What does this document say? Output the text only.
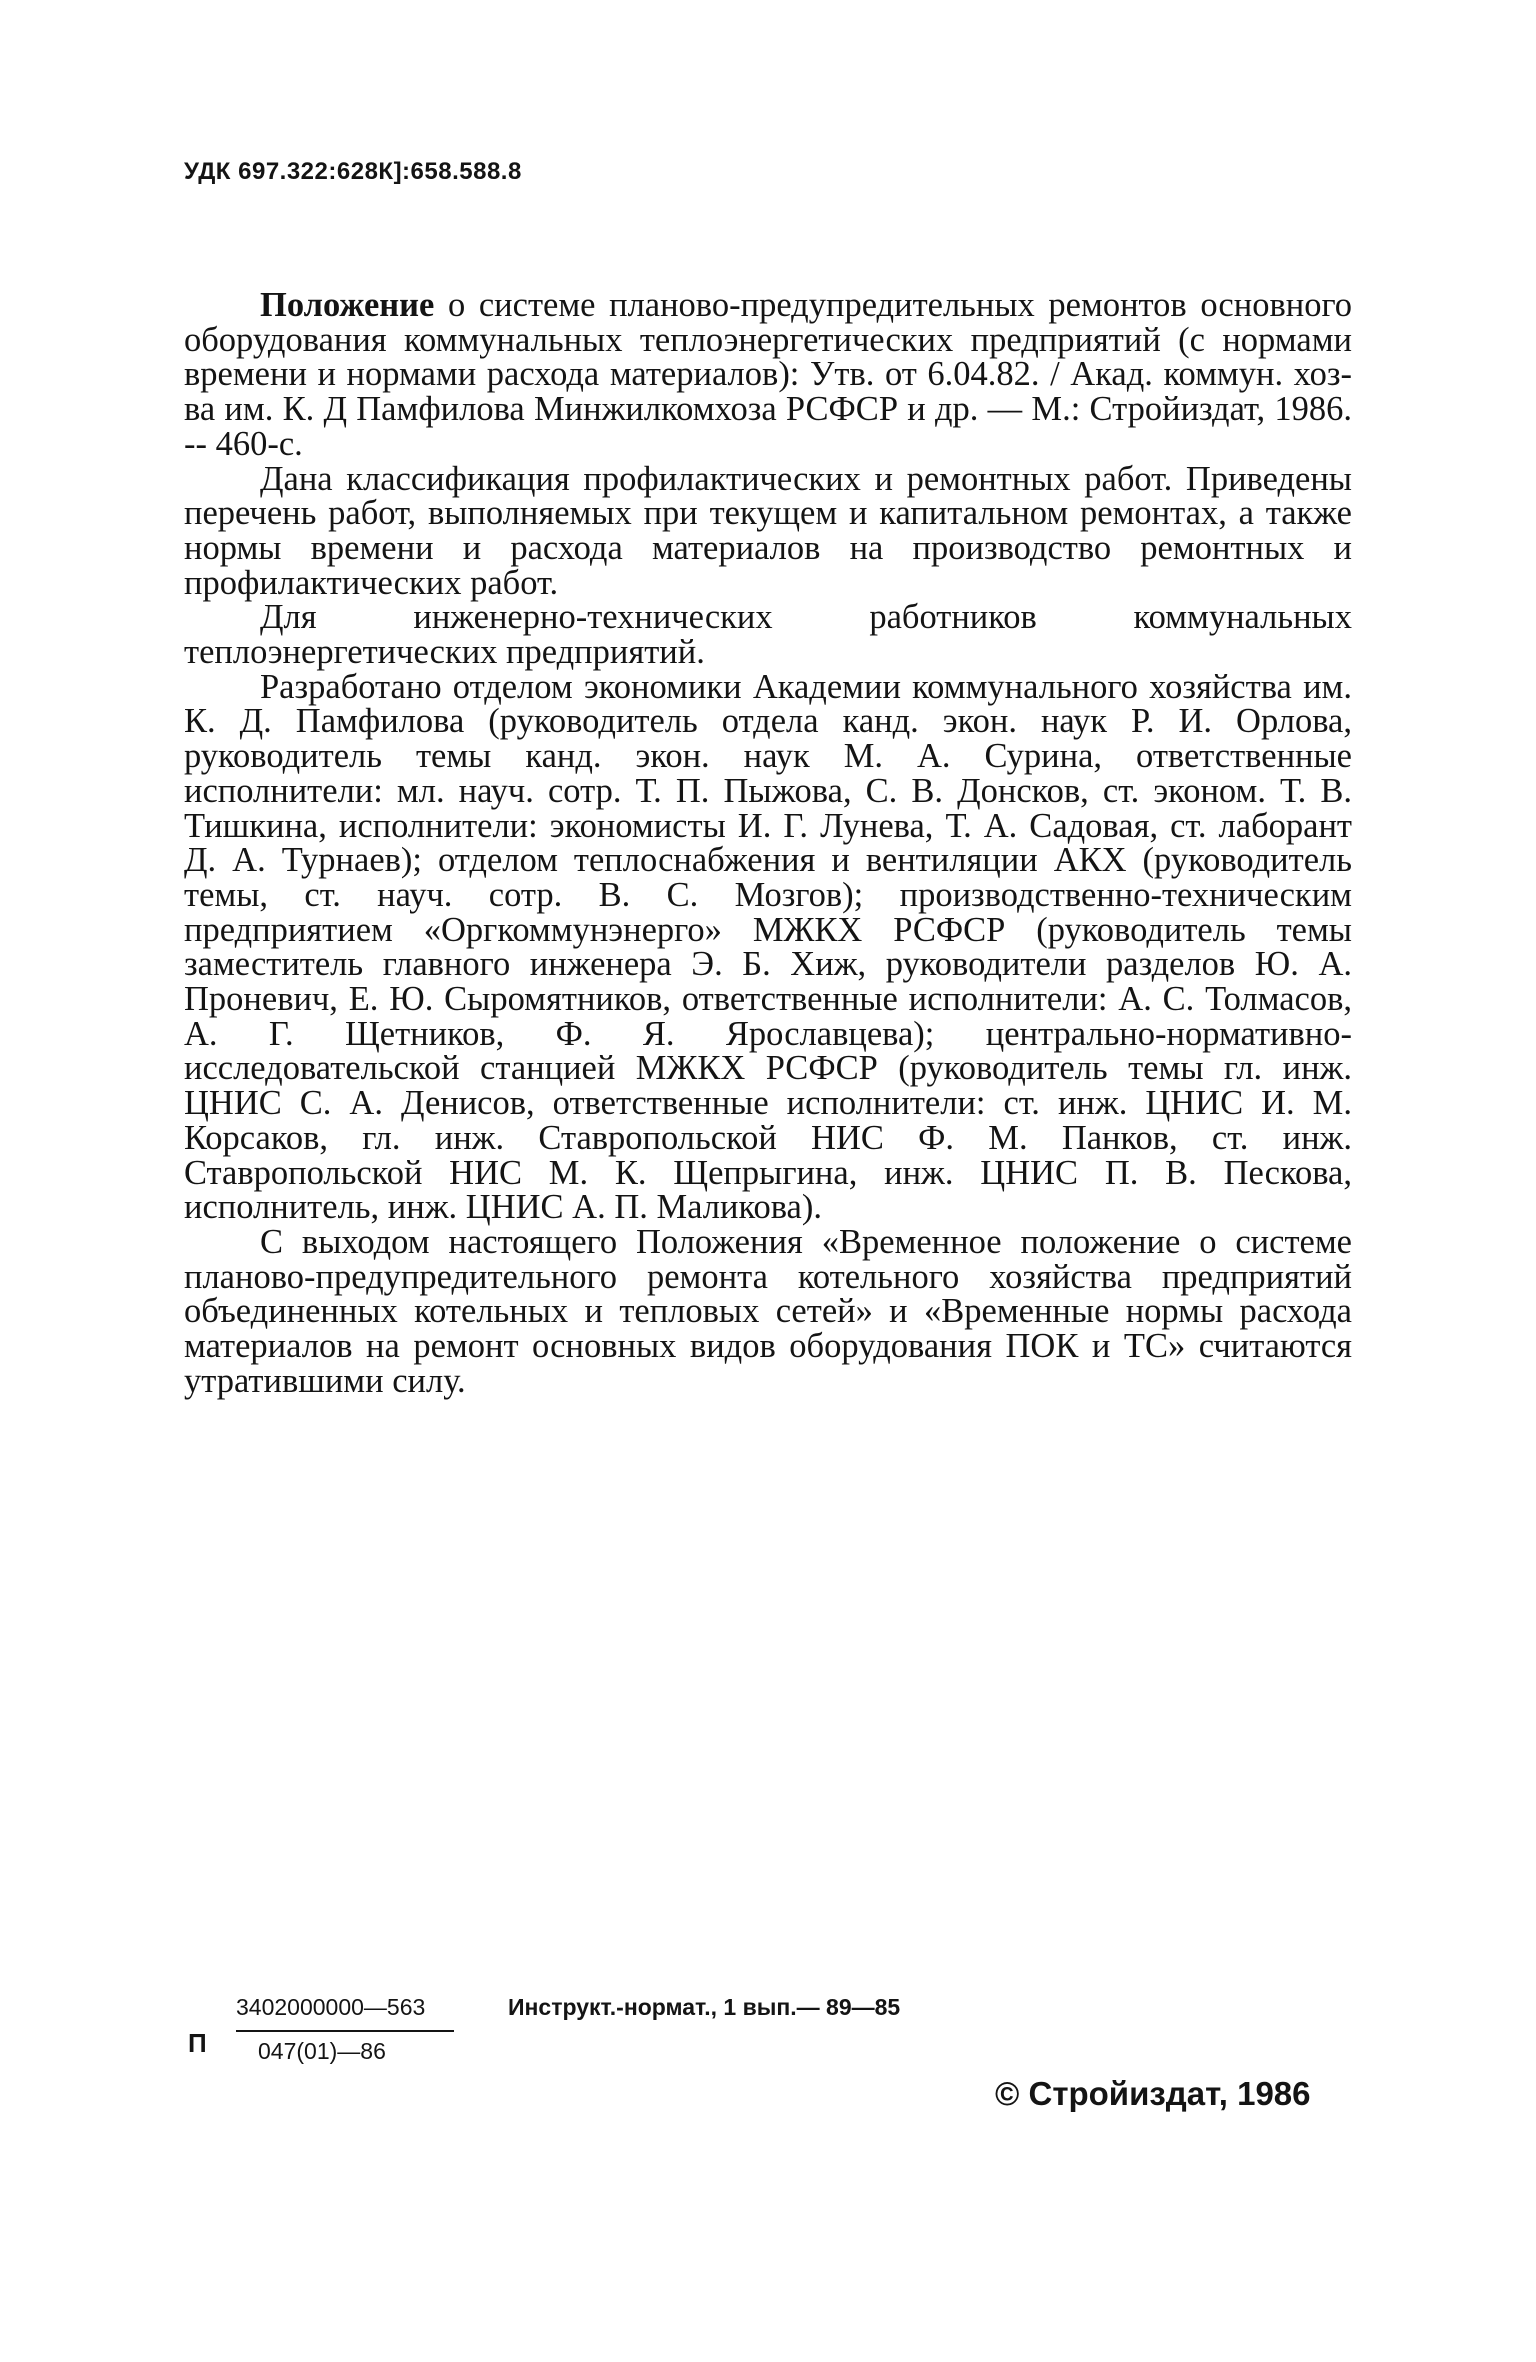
УДК 697.322:628К]:658.588.8

Положение о системе планово-предупредительных ремонтов основного оборудования коммунальных теплоэнергетических предприятий (с нормами времени и нормами расхода материалов): Утв. от 6.04.82. / Акад. коммун. хоз-ва им. К. Д Памфилова Минжилкомхоза РСФСР и др. — М.: Стройиздат, 1986. -- 460-с.

Дана классификация профилактических и ремонтных работ. Приведены перечень работ, выполняемых при текущем и капитальном ремонтах, а также нормы времени и расхода материалов на производство ремонтных и профилактических работ.

Для инженерно-технических работников коммунальных теплоэнергетических предприятий.

Разработано отделом экономики Академии коммунального хозяйства им. К. Д. Памфилова (руководитель отдела канд. экон. наук Р. И. Орлова, руководитель темы канд. экон. наук М. А. Сурина, ответственные исполнители: мл. науч. сотр. Т. П. Пыжова, С. В. Донсков, ст. эконом. Т. В. Тишкина, исполнители: экономисты И. Г. Лунева, Т. А. Садовая, ст. лаборант Д. А. Турнаев); отделом теплоснабжения и вентиляции АКХ (руководитель темы, ст. науч. сотр. В. С. Мозгов); производственно-техническим предприятием «Оргкоммунэнерго» МЖКХ РСФСР (руководитель темы заместитель главного инженера Э. Б. Хиж, руководители разделов Ю. А. Проневич, Е. Ю. Сыромятников, ответственные исполнители: А. С. Толмасов, А. Г. Щетников, Ф. Я. Ярославцева); центрально-нормативно-исследовательской станцией МЖКХ РСФСР (руководитель темы гл. инж. ЦНИС С. А. Денисов, ответственные исполнители: ст. инж. ЦНИС И. М. Корсаков, гл. инж. Ставропольской НИС Ф. М. Панков, ст. инж. Ставропольской НИС М. К. Щепрыгина, инж. ЦНИС П. В. Пескова, исполнитель, инж. ЦНИС А. П. Маликова).

С выходом настоящего Положения «Временное положение о системе планово-предупредительного ремонта котельного хозяйства предприятий объединенных котельных и тепловых сетей» и «Временные нормы расхода материалов на ремонт основных видов оборудования ПОК и ТС» считаются утратившими силу.

П
3402000000—563
047(01)—86
Инструкт.-нормат., 1 вып.— 89—85
© Стройиздат, 1986
